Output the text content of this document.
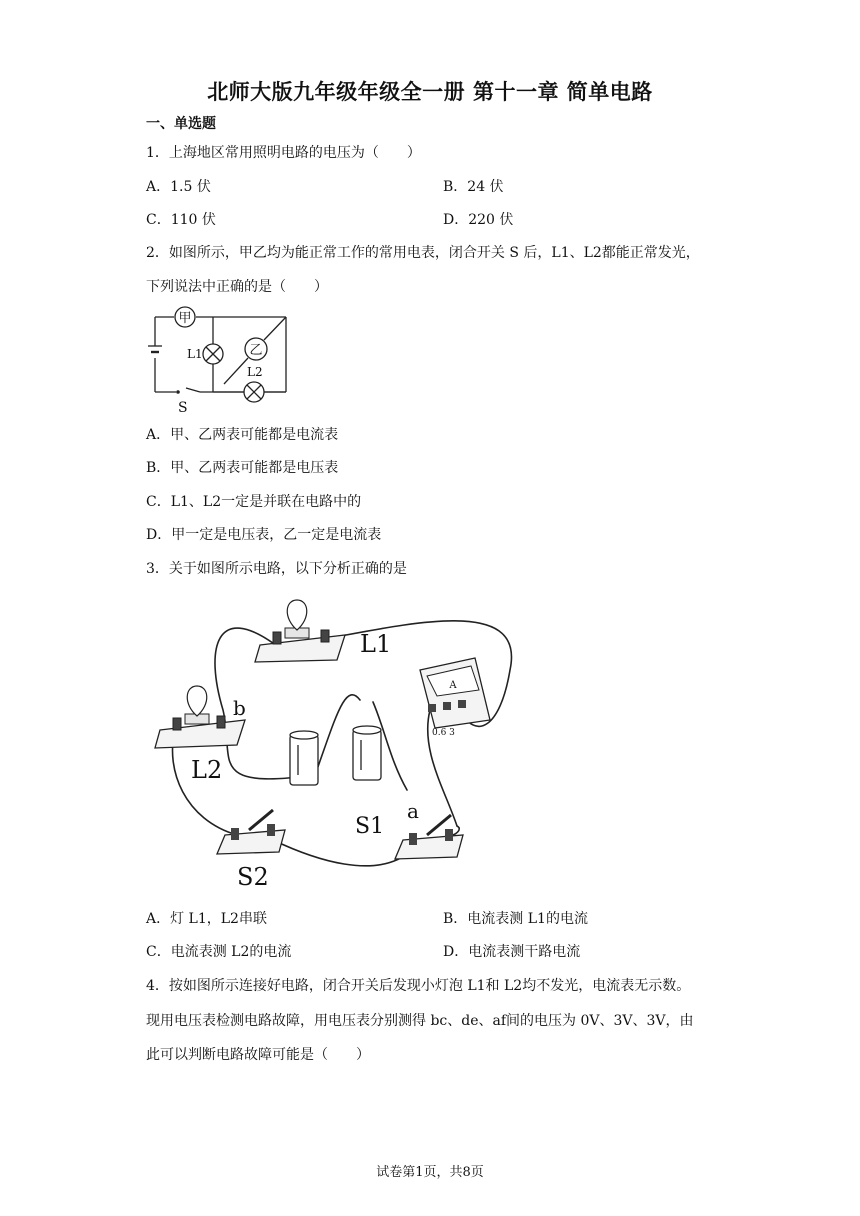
北师大版九年级年级全一册 第十一章 简单电路
一、单选题
1．上海地区常用照明电路的电压为（　　）
A．1.5 伏	B．24 伏
C．110 伏	D．220 伏
2．如图所示，甲乙均为能正常工作的常用电表，闭合开关 S 后，L1、L2都能正常发光，
下列说法中正确的是（　　）
甲
L1	乙
L2
S
A．甲、乙两表可能都是电流表
B．甲、乙两表可能都是电压表
C．L1、L2一定是并联在电路中的
D．甲一定是电压表，乙一定是电流表
3．关于如图所示电路，以下分析正确的是
L1
b
L2
A
0.6 3
S2
S1
a
A．灯 L1，L2串联	B．电流表测 L1的电流
C．电流表测 L2的电流	D．电流表测干路电流
4．按如图所示连接好电路，闭合开关后发现小灯泡 L1和 L2均不发光，电流表无示数。
现用电压表检测电路故障，用电压表分别测得 bc、de、af间的电压为 0V、3V、3V，由
此可以判断电路故障可能是（　　）
试卷第1页，共8页
